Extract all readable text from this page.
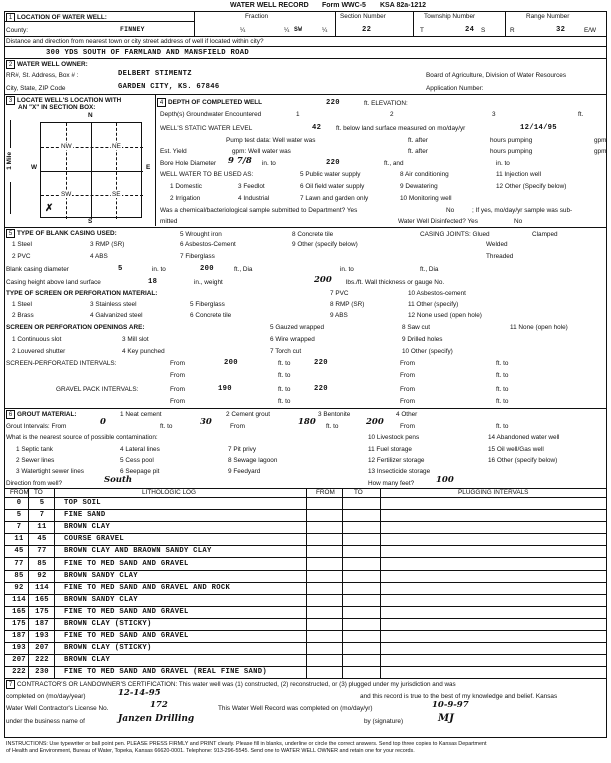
WATER WELL RECORD Form WWC-5 KSA 82a-1212
1 LOCATION OF WATER WELL:	Fraction	Section Number	Township Number	Range Number
County:	FINNEY	¼	¼ SW	¼	22	T	24 S	R	32	E/W
Distance and direction from nearest town or city street address of well if located within city?
300 YDS SOUTH OF FARMLAND AND MANSFIELD ROAD
2 WATER WELL OWNER:
RR#, St. Address, Box # :	DELBERT STIMENTZ
City, State, ZIP Code	GARDEN CITY, KS. 67846
Board of Agriculture, Division of Water Resources
Application Number:
3 LOCATE WELL'S LOCATION WITH
AN "X" IN SECTION BOX:
N
S
W	E
1 Mile
NW	NE
SW	SE
✗
4 DEPTH OF COMPLETED WELL	220	ft. ELEVATION:
Depth(s) Groundwater Encountered	1	2	3	ft.
WELL'S STATIC WATER LEVEL	42 ft. below land surface measured on mo/day/yr	12/14/95
Pump test data: Well water was	ft. after	hours pumping	gpm
Est. Yield	gpm: Well water was	ft. after	hours pumping	gpm
Bore Hole Diameter 9 7/8 in. to	220	ft., and	in. to
WELL WATER TO BE USED AS:
1 Domestic
2 Irrigation
3 Feedlot
4 Industrial
5 Public water supply
6 Oil field water supply
7 Lawn and garden only
8 Air conditioning
9 Dewatering
10 Monitoring well
11 Injection well
12 Other (Specify below)
Was a chemical/bacteriological sample submitted to Department? Yes	No	; If yes, mo/day/yr sample was sub-
mitted	Water Well Disinfected? Yes	No
5 TYPE OF BLANK CASING USED:
1 Steel
2 PVC
3 RMP (SR)
4 ABS
5 Wrought iron
6 Asbestos-Cement
7 Fiberglass
8 Concrete tile
9 Other (specify below)
CASING JOINTS: Glued	Clamped
Welded
Threaded
Blank casing diameter	5	in. to	200	ft., Dia	in. to	ft., Dia
Casing height above land surface	18	in., weight	200 lbs./ft. Wall thickness or gauge No.
TYPE OF SCREEN OR PERFORATION MATERIAL:
1 Steel
2 Brass
3 Stainless steel
4 Galvanized steel
5 Fiberglass
6 Concrete tile
7 PVC
8 RMP (SR)
9 ABS
10 Asbestos-cement
11 Other (specify)
12 None used (open hole)
SCREEN OR PERFORATION OPENINGS ARE:
1 Continuous slot
2 Louvered shutter
3 Mill slot
4 Key punched
5 Gauzed wrapped
6 Wire wrapped
7 Torch cut
8 Saw cut
9 Drilled holes
10 Other (specify)
11 None (open hole)
SCREEN-PERFORATED INTERVALS:	From	200	ft. to	220	From	ft. to
From	ft. to	From	ft. to
GRAVEL PACK INTERVALS:	From	190	ft. to	220	From	ft. to
From	ft. to	From	ft. to
6 GROUT MATERIAL:	1 Neat cement	2 Cement grout	3 Bentonite	4 Other
Grout Intervals: From	0	ft. to	30	From	180 ft. to	200	From	ft. to
What is the nearest source of possible contamination:
1 Septic tank
2 Sewer lines
3 Watertight sewer lines
4 Lateral lines
5 Cess pool
6 Seepage pit
7 Pit privy
8 Sewage lagoon
9 Feedyard
10 Livestock pens
11 Fuel storage
12 Fertilizer storage
13 Insecticide storage
14 Abandoned water well
15 Oil well/Gas well
16 Other (specify below)
Direction from well?	South	How many feet?	100
FROM TO	LITHOLOGIC LOG	FROM	TO	PLUGGING INTERVALS
0	5	TOP SOIL
5	7	FINE SAND
7	11	BROWN CLAY
11	45	COURSE GRAVEL
45	77	BROWN CLAY AND BRAOWN SANDY CLAY
77	85	FINE TO MED SAND AND GRAVEL
85	92	BROWN SANDY CLAY
92	114	FINE TO MED SAND AND GRAVEL AND ROCK
114	165	BROWN SANDY CLAY
165	175	FINE TO MED SAND AND GRAVEL
175	187	BROWN CLAY (STICKY)
187	193	FINE TO MED SAND AND GRAVEL
193	207	BROWN CLAY (STICKY)
207	222	BROWN CLAY
222	230	FINE TO MED SAND AND GRAVEL (REAL FINE SAND)
7 CONTRACTOR'S OR LANDOWNER'S CERTIFICATION: This water well was (1) constructed, (2) reconstructed, or (3) plugged under my jurisdiction and was
completed on (mo/day/year)	12-14-95	and this record is true to the best of my knowledge and belief. Kansas
Water Well Contractor's License No.	172	This Water Well Record was completed on (mo/day/yr)	10-9-97
under the business name of	Janzen Drilling	by (signature)	MJ
INSTRUCTIONS: Use typewriter or ball point pen. PLEASE PRESS FIRMLY and PRINT clearly. Please fill in blanks, underline or circle the correct answers. Send top three copies to Kansas Department
of Health and Environment, Bureau of Water, Topeka, Kansas 66620-0001. Telephone: 913-296-5545. Send one to WATER WELL OWNER and retain one for your records.
